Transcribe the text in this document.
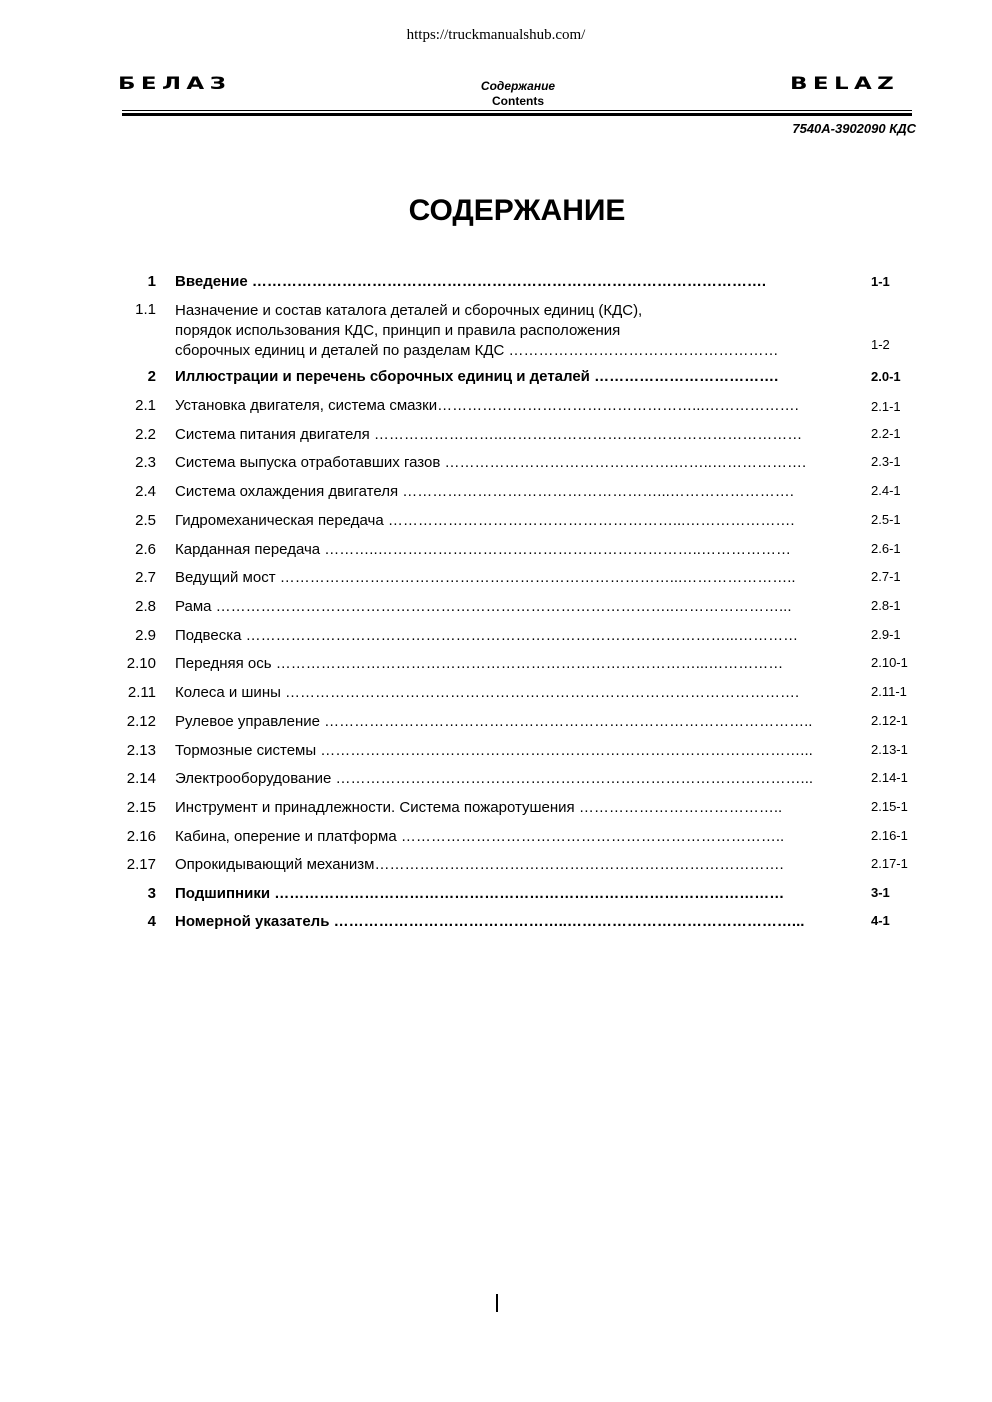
https://truckmanualshub.com/
БЕЛАЗ	Содержание
Contents
BELAZ
7540А-3902090 КДС
СОДЕРЖАНИЕ
1 Введение ………………………………………………………………………………………….	1-1
1.1 Назначение и состав каталога деталей и сборочных единиц (КДС),
порядок использования КДС, принцип и правила расположения
сборочных единиц и деталей по разделам КДС ………………………………………………	1-2
2 Иллюстрации и перечень сборочных единиц и деталей ……………………………….	2.0-1
2.1 Установка двигателя, система смазки……………………………………………...……………….	2.1-1
2.2 Система питания двигателя ……………………..……………………………………………………	2.2-1
2.3 Система выпуска отработавших газов ……………………………………….……..……………….	2.3-1
2.4 Система охлаждения двигателя ……………………………………………...…………………….	2.4-1
2.5 Гидромеханическая передача …………………………………………………...………………….	2.5-1
2.6 Карданная передача ………..………………………………………………………..………………	2.6-1
2.7 Ведущий мост ……………………………………………………………………...…………………..	2.7-1
2.8 Рама ………………………………………………………………………………..…………………...	2.8-1
2.9 Подвеска ……………………………………………………………………………………...…………	2.9-1
2.10 Передняя ось …………………………………………………………………………...……………	2.10-1
2.11 Колеса и шины ………………………………………………………………………………………….	2.11-1
2.12 Рулевое управление ……………………………………………………………………………………..	2.12-1
2.13 Тормозные системы ……………………………………………………………………………………...	2.13-1
2.14 Электрооборудование …………………………………………………………………………………...	2.14-1
2.15 Инструмент и принадлежности. Система пожаротушения …………………………………..	2.15-1
2.16 Кабина, оперение и платформа …………………………………………………………………..	2.16-1
2.17 Опрокидывающий механизм……………………………………………………………………….	2.17-1
3 Подшипники …………………………………………………………………………………………	3-1
4 Номерной указатель ………………………………………..………………………………………...	4-1
